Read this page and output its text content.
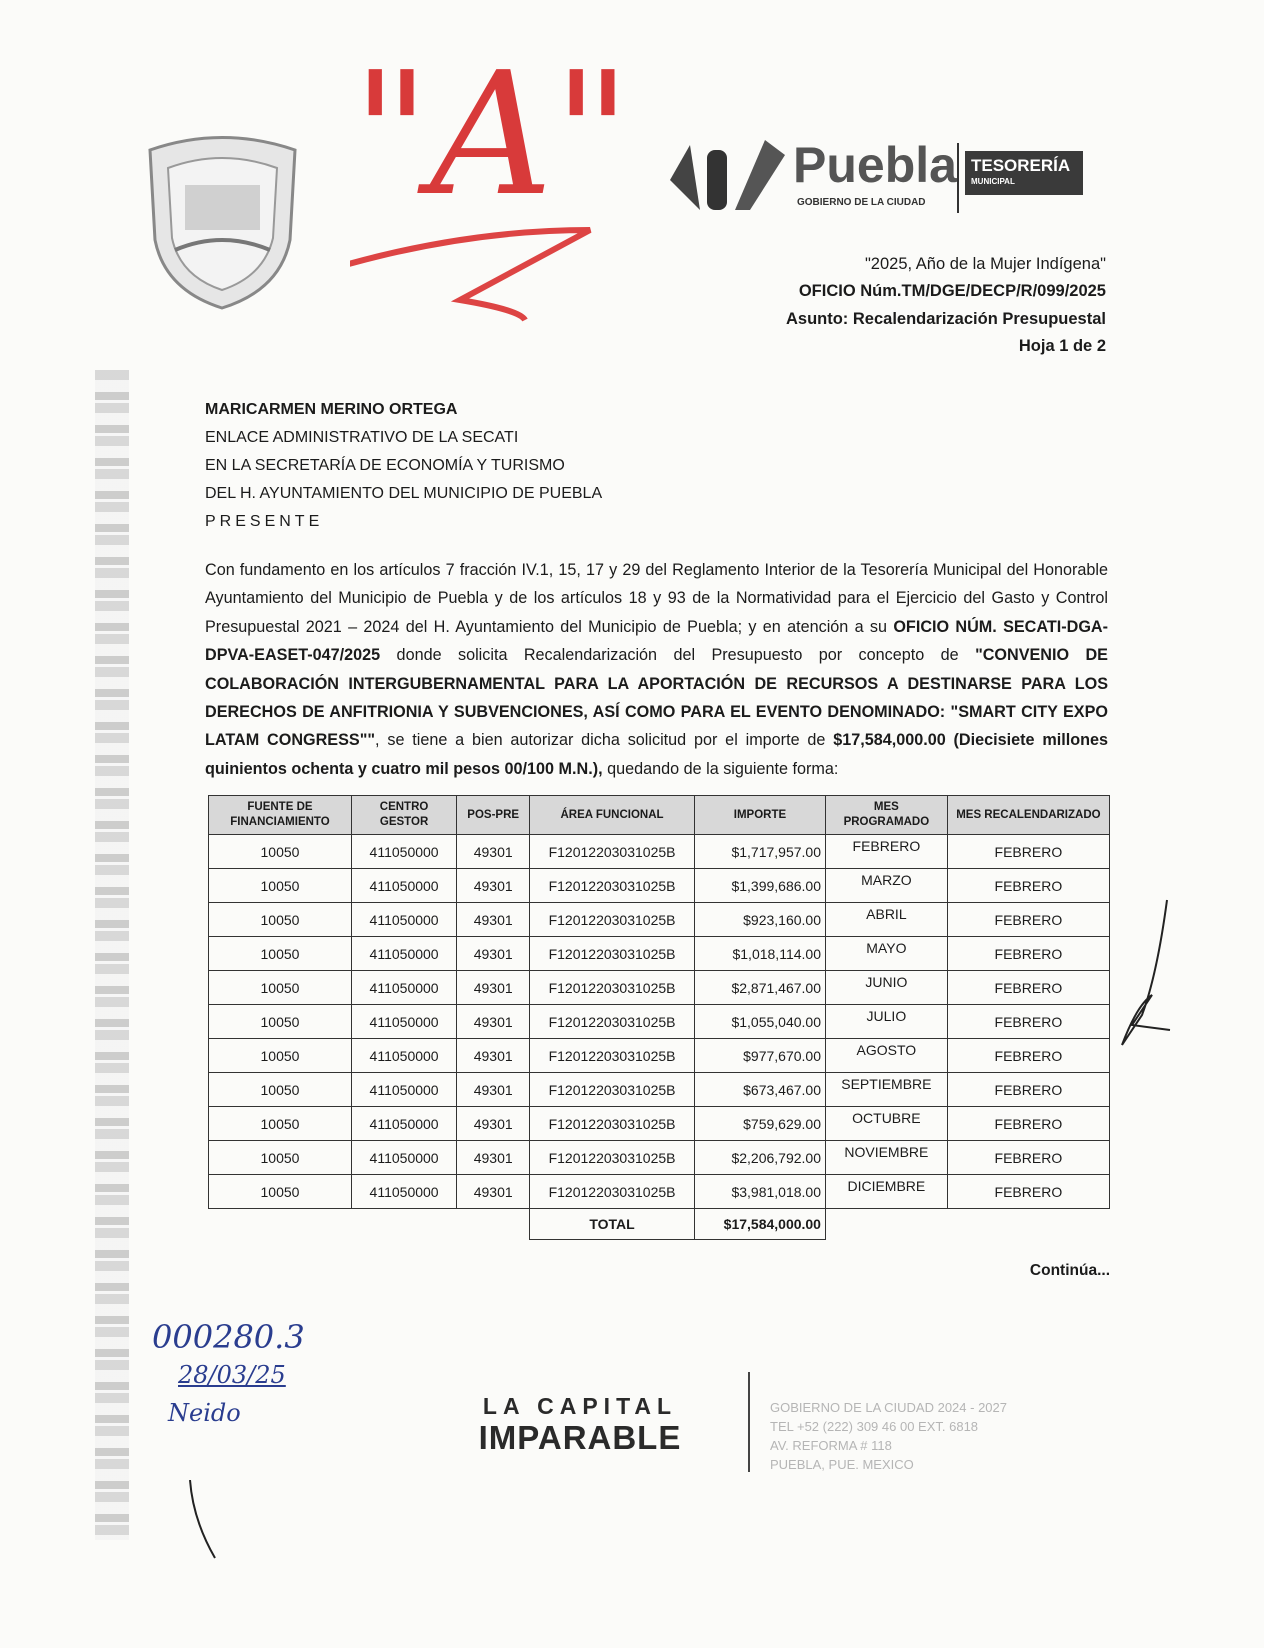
"A"	Puebla
GOBIERNO DE LA CIUDAD
TESORERÍA
MUNICIPAL
"2025, Año de la Mujer Indígena"
OFICIO Núm.TM/DGE/DECP/R/099/2025
Asunto: Recalendarización Presupuestal
Hoja 1 de 2
MARICARMEN MERINO ORTEGA
ENLACE ADMINISTRATIVO DE LA SECATI
EN LA SECRETARÍA DE ECONOMÍA Y TURISMO
DEL H. AYUNTAMIENTO DEL MUNICIPIO DE PUEBLA
PRESENTE
Con fundamento en los artículos 7 fracción IV.1, 15, 17 y 29 del Reglamento Interior de la Tesorería Municipal del Honorable Ayuntamiento del Municipio de Puebla y de los artículos 18 y 93 de la Normatividad para el Ejercicio del Gasto y Control Presupuestal 2021 – 2024 del H. Ayuntamiento del Municipio de Puebla; y en atención a su OFICIO NÚM. SECATI-DGA-DPVA-EASET-047/2025 donde solicita Recalendarización del Presupuesto por concepto de "CONVENIO DE COLABORACIÓN INTERGUBERNAMENTAL PARA LA APORTACIÓN DE RECURSOS A DESTINARSE PARA LOS DERECHOS DE ANFITRIONIA Y SUBVENCIONES, ASÍ COMO PARA EL EVENTO DENOMINADO: "SMART CITY EXPO LATAM CONGRESS"", se tiene a bien autorizar dicha solicitud por el importe de $17,584,000.00 (Diecisiete millones quinientos ochenta y cuatro mil pesos 00/100 M.N.), quedando de la siguiente forma:
FUENTE DE FINANCIAMIENTO	CENTRO GESTOR	POS-PRE	ÁREA FUNCIONAL	IMPORTE	MES PROGRAMADO	MES RECALENDARIZADO
10050	411050000	49301	F12012203031025B	$1,717,957.00	FEBRERO	FEBRERO
10050	411050000	49301	F12012203031025B	$1,399,686.00	MARZO	FEBRERO
10050	411050000	49301	F12012203031025B	$923,160.00	ABRIL	FEBRERO
10050	411050000	49301	F12012203031025B	$1,018,114.00	MAYO	FEBRERO
10050	411050000	49301	F12012203031025B	$2,871,467.00	JUNIO	FEBRERO
10050	411050000	49301	F12012203031025B	$1,055,040.00	JULIO	FEBRERO
10050	411050000	49301	F12012203031025B	$977,670.00	AGOSTO	FEBRERO
10050	411050000	49301	F12012203031025B	$673,467.00	SEPTIEMBRE	FEBRERO
10050	411050000	49301	F12012203031025B	$759,629.00	OCTUBRE	FEBRERO
10050	411050000	49301	F12012203031025B	$2,206,792.00	NOVIEMBRE	FEBRERO
10050	411050000	49301	F12012203031025B	$3,981,018.00	DICIEMBRE	FEBRERO
			TOTAL	$17,584,000.00		
Continúa...
000280.3
28/03/25
Neido	LA CAPITAL
IMPARABLE
GOBIERNO DE LA CIUDAD 2024 - 2027
TEL +52 (222) 309 46 00 EXT. 6818
AV. REFORMA # 118
PUEBLA, PUE. MEXICO
